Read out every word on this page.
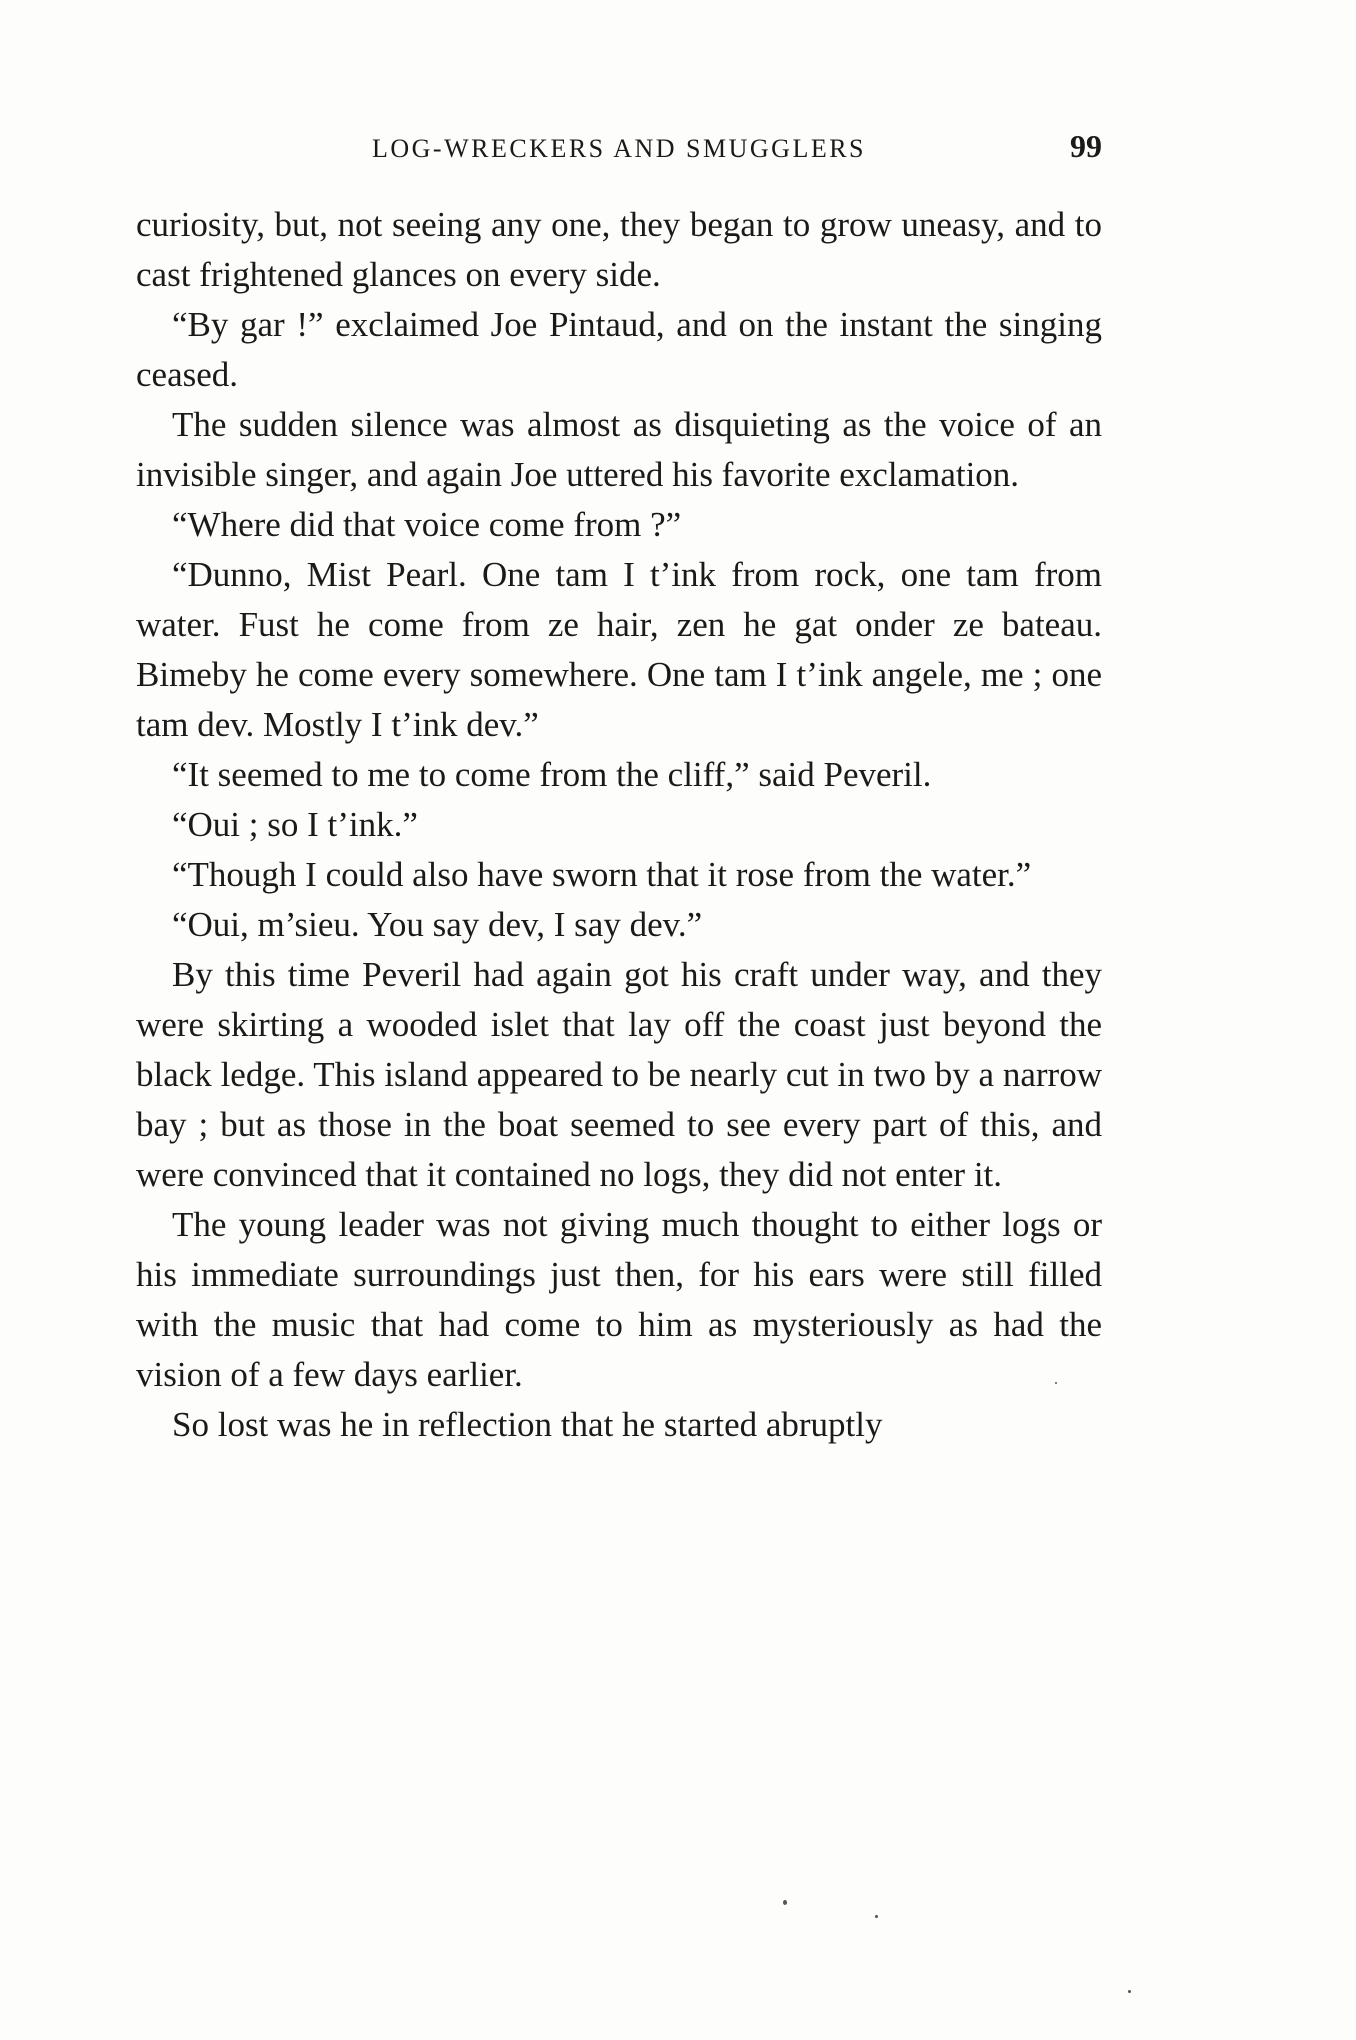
LOG-WRECKERS AND SMUGGLERS	99

curiosity, but, not seeing any one, they began to grow uneasy, and to cast frightened glances on every side.

“By gar !” exclaimed Joe Pintaud, and on the instant the singing ceased.

The sudden silence was almost as disquieting as the voice of an invisible singer, and again Joe uttered his favorite exclamation.

“Where did that voice come from ?”

“Dunno, Mist Pearl. One tam I t’ink from rock, one tam from water. Fust he come from ze hair, zen he gat onder ze bateau. Bimeby he come every somewhere. One tam I t’ink angele, me ; one tam dev. Mostly I t’ink dev.”

“It seemed to me to come from the cliff,” said Peveril.

“Oui ; so I t’ink.”

“Though I could also have sworn that it rose from the water.”

“Oui, m’sieu. You say dev, I say dev.”

By this time Peveril had again got his craft under way, and they were skirting a wooded islet that lay off the coast just beyond the black ledge. This island appeared to be nearly cut in two by a narrow bay ; but as those in the boat seemed to see every part of this, and were convinced that it contained no logs, they did not enter it.

The young leader was not giving much thought to either logs or his immediate surroundings just then, for his ears were still filled with the music that had come to him as mysteriously as had the vision of a few days earlier.

So lost was he in reflection that he started abruptly
